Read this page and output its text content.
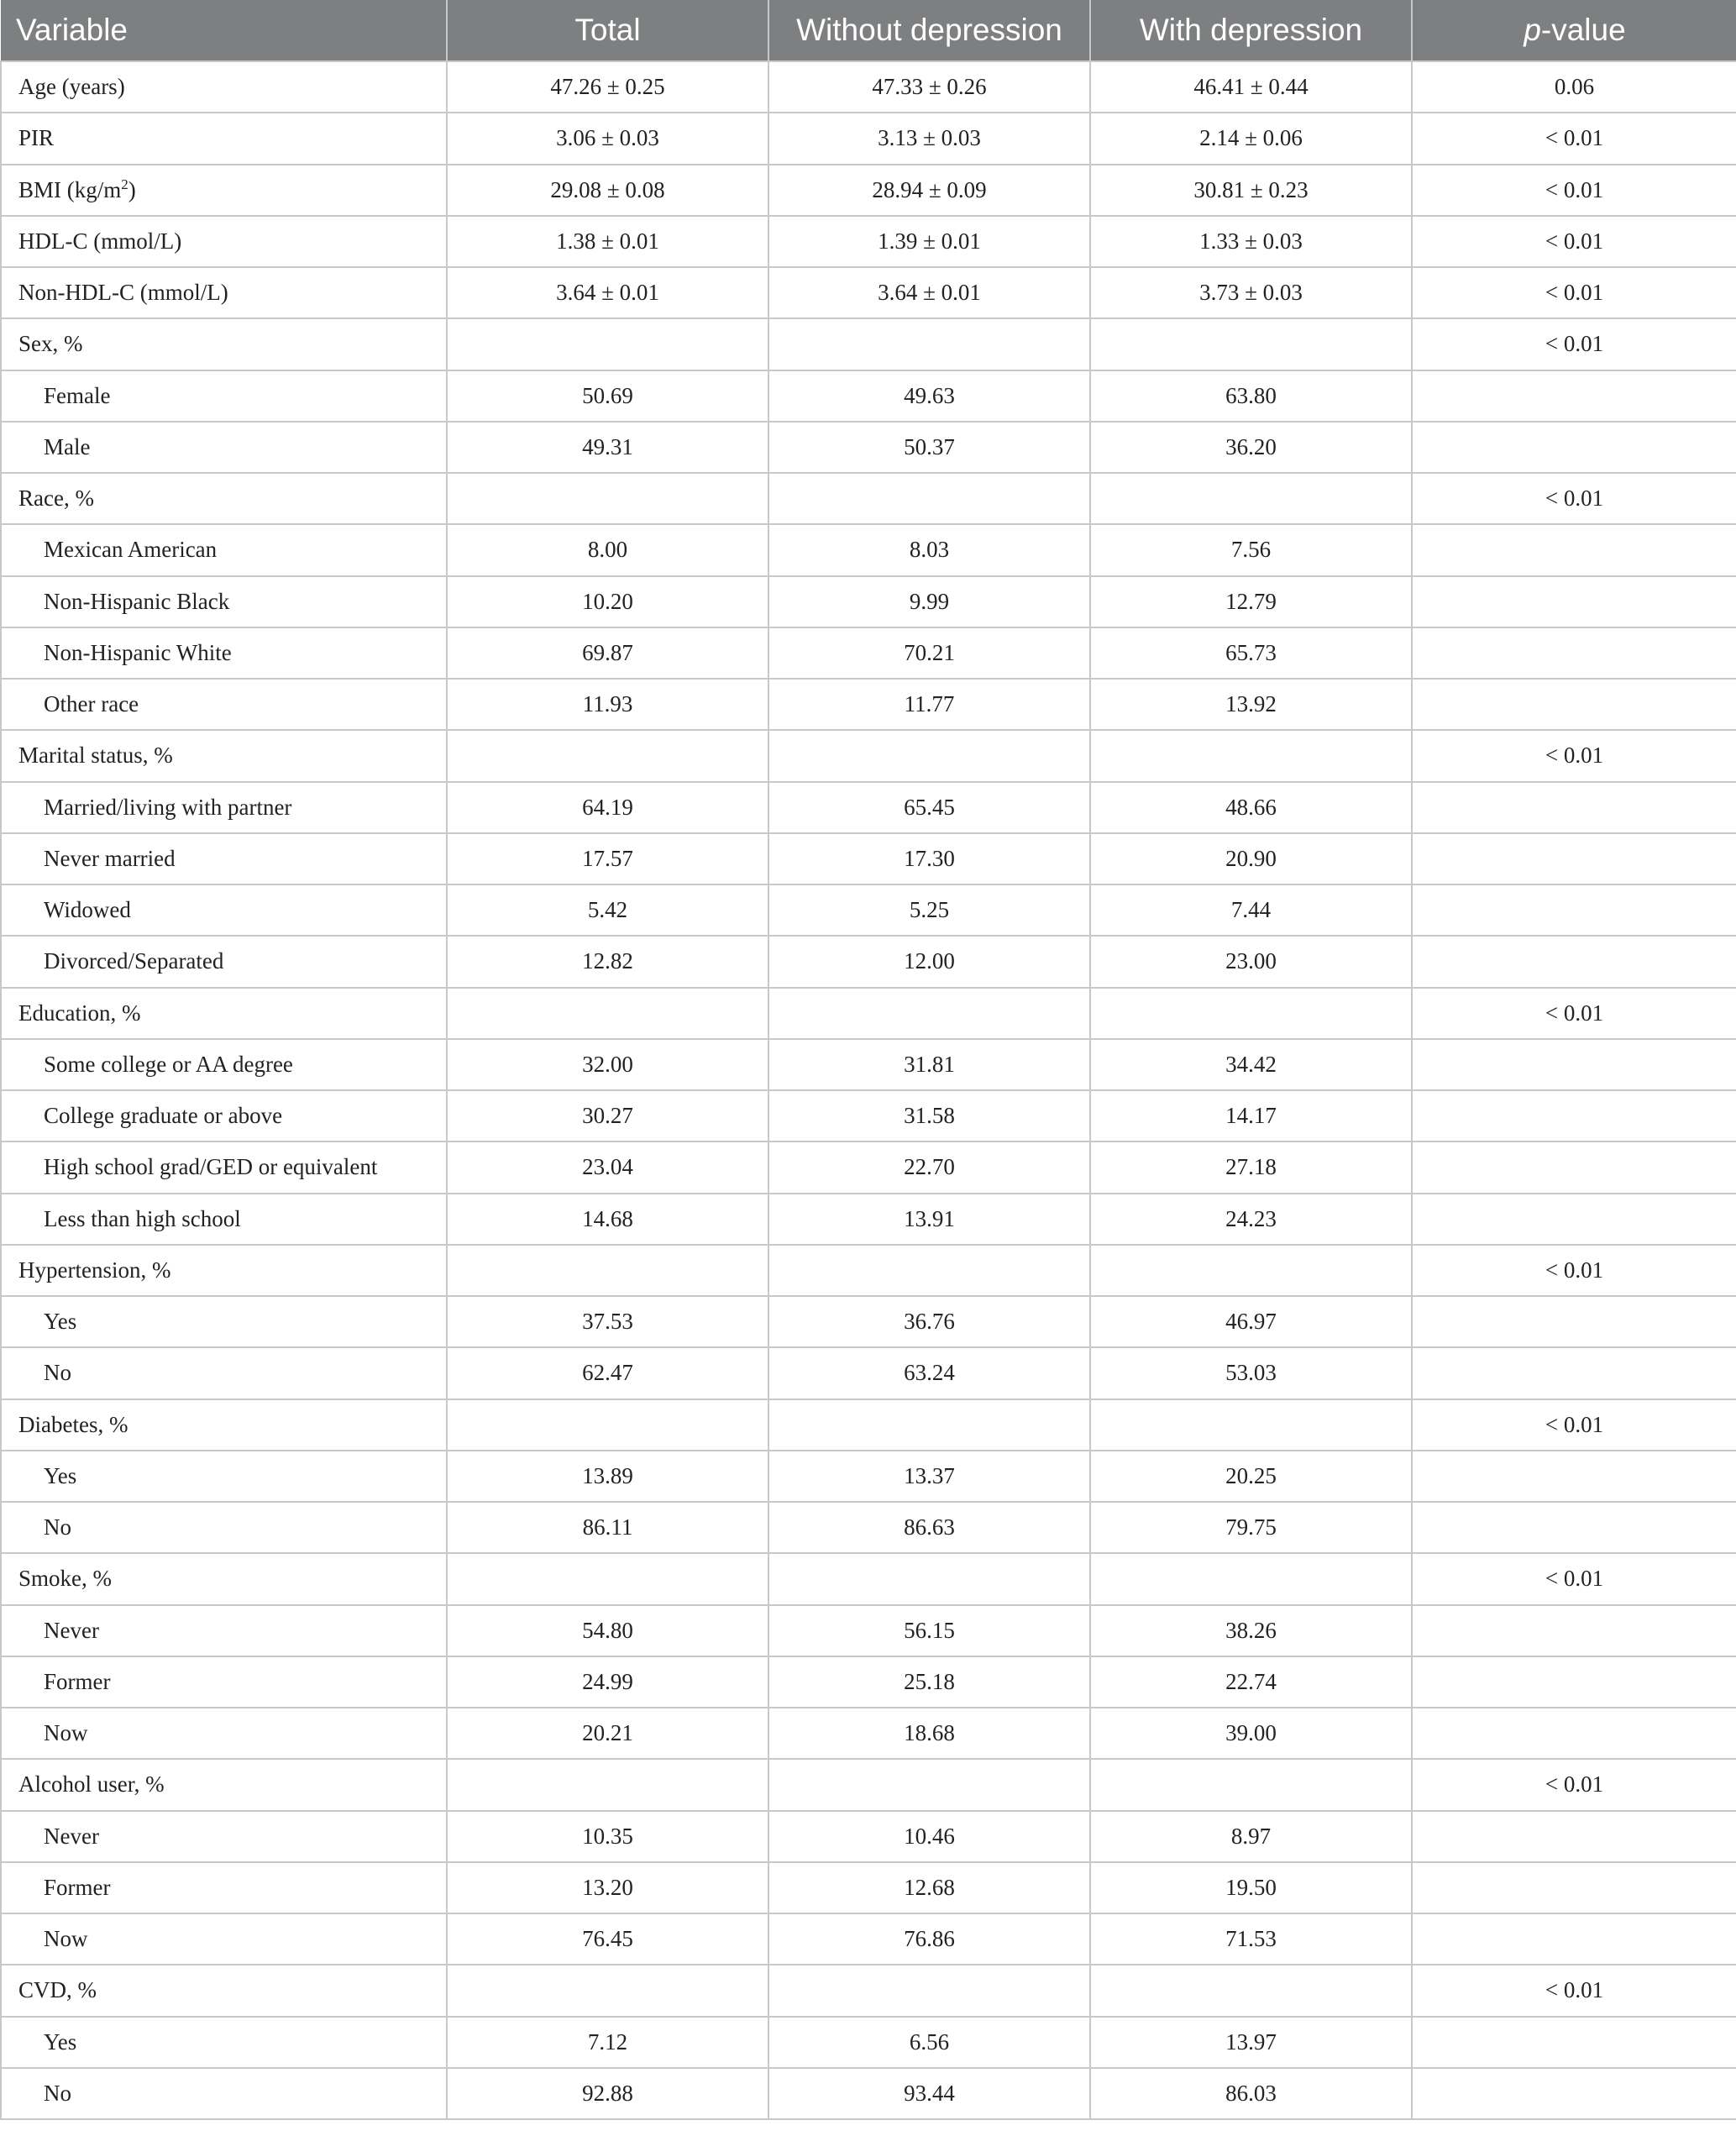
Variable	Total	Without depression	With depression	p-value
Age (years)	47.26 ± 0.25	47.33 ± 0.26	46.41 ± 0.44	0.06
PIR	3.06 ± 0.03	3.13 ± 0.03	2.14 ± 0.06	< 0.01
BMI $(kg/m^2)$	29.08 ± 0.08	28.94 ± 0.09	30.81 ± 0.23	< 0.01
HDL-C (mmol/L)	1.38 ± 0.01	1.39 ± 0.01	1.33 ± 0.03	< 0.01
Non-HDL-C (mmol/L)	3.64 ± 0.01	3.64 ± 0.01	3.73 ± 0.03	< 0.01
Sex, %				< 0.01
Female	50.69	49.63	63.80	
Male	49.31	50.37	36.20	
Race, %				< 0.01
Mexican American	8.00	8.03	7.56	
Non-Hispanic Black	10.20	9.99	12.79	
Non-Hispanic White	69.87	70.21	65.73	
Other race	11.93	11.77	13.92	
Marital status, %				< 0.01
Married/living with partner	64.19	65.45	48.66	
Never married	17.57	17.30	20.90	
Widowed	5.42	5.25	7.44	
Divorced/Separated	12.82	12.00	23.00	
Education, %				< 0.01
Some college or AA degree	32.00	31.81	34.42	
College graduate or above	30.27	31.58	14.17	
High school grad/GED or equivalent	23.04	22.70	27.18	
Less than high school	14.68	13.91	24.23	
Hypertension, %				< 0.01
Yes	37.53	36.76	46.97	
No	62.47	63.24	53.03	
Diabetes, %				< 0.01
Yes	13.89	13.37	20.25	
No	86.11	86.63	79.75	
Smoke, %				< 0.01
Never	54.80	56.15	38.26	
Former	24.99	25.18	22.74	
Now	20.21	18.68	39.00	
Alcohol user, %				< 0.01
Never	10.35	10.46	8.97	
Former	13.20	12.68	19.50	
Now	76.45	76.86	71.53	
CVD, %				< 0.01
Yes	7.12	6.56	13.97	
No	92.88	93.44	86.03	
